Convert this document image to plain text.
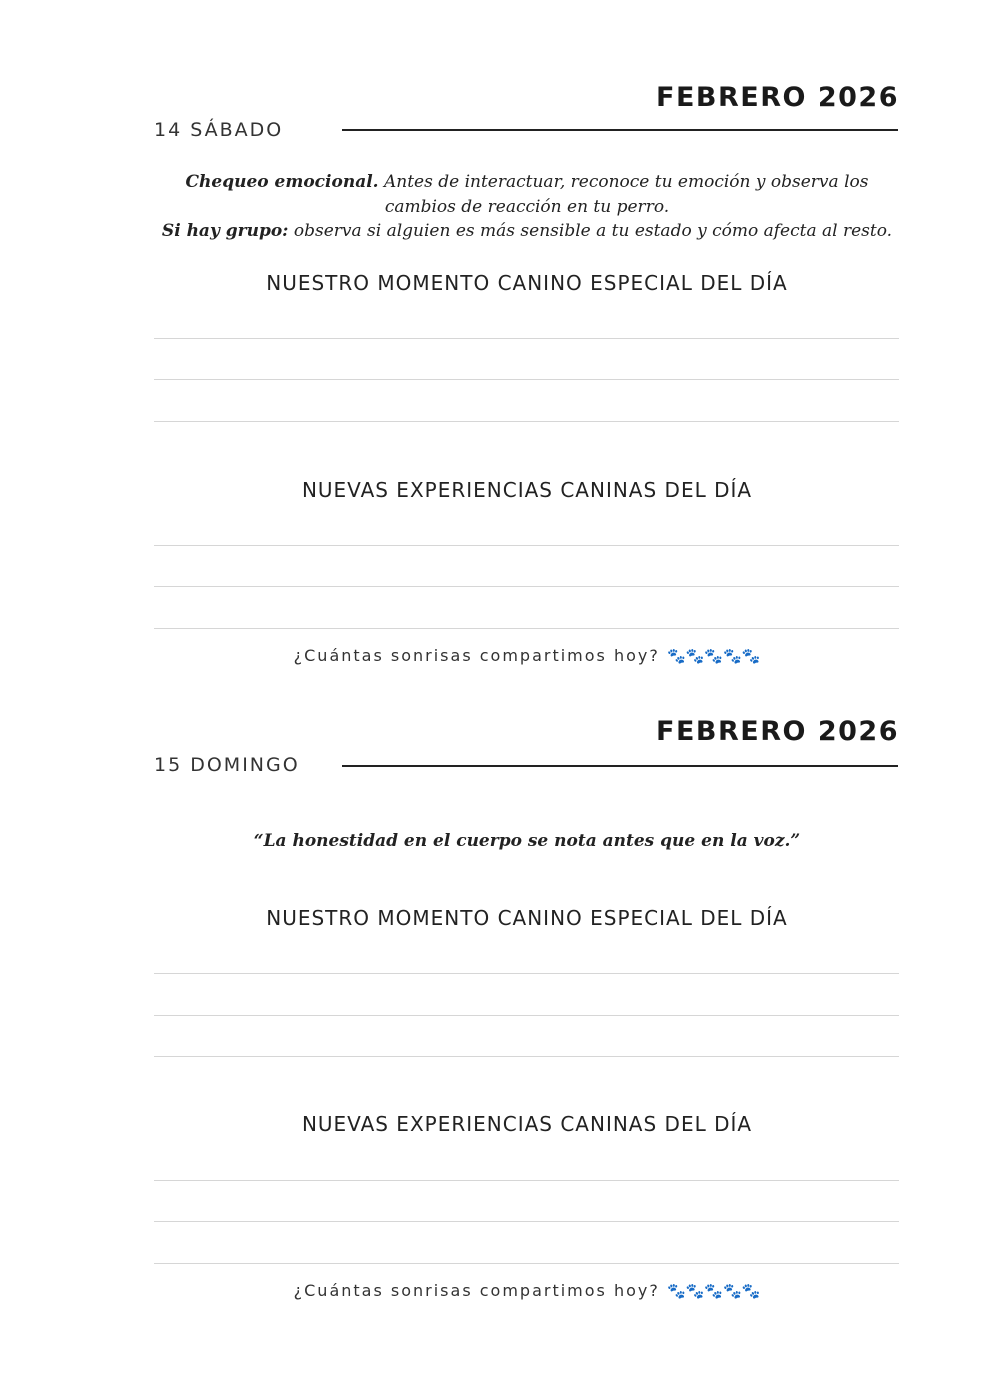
FEBRERO 2026
14 SÁBADO
Chequeo emocional. Antes de interactuar, reconoce tu emoción y observa los
cambios de reacción en tu perro.
Si hay grupo: observa si alguien es más sensible a tu estado y cómo afecta al resto.
NUESTRO MOMENTO CANINO ESPECIAL DEL DÍA
NUEVAS EXPERIENCIAS CANINAS DEL DÍA
¿Cuántas sonrisas compartimos hoy? 🐾🐾🐾🐾🐾
FEBRERO 2026
15 DOMINGO
“La honestidad en el cuerpo se nota antes que en la voz.”
NUESTRO MOMENTO CANINO ESPECIAL DEL DÍA
NUEVAS EXPERIENCIAS CANINAS DEL DÍA
¿Cuántas sonrisas compartimos hoy? 🐾🐾🐾🐾🐾
